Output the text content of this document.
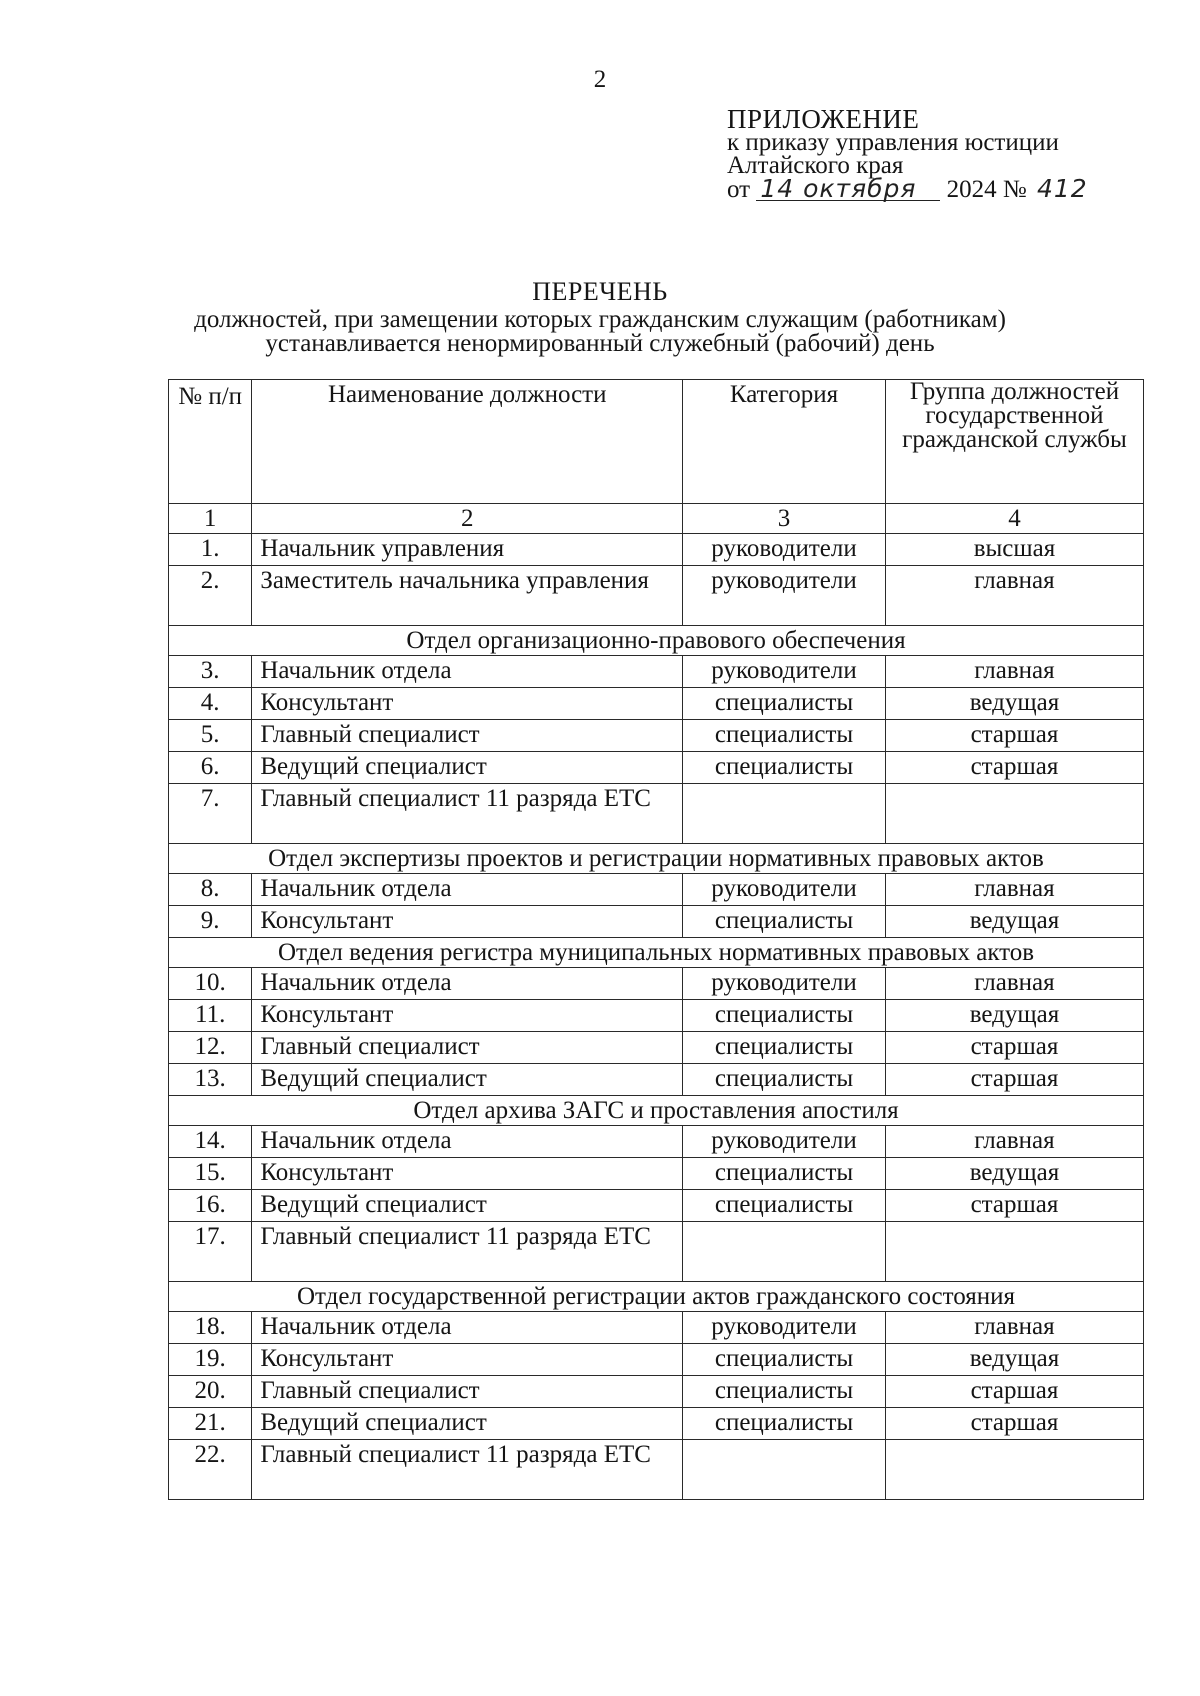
2
ПРИЛОЖЕНИЕ
к приказу управления юстиции
Алтайского края
от 14 октября 2024 № 412
ПЕРЕЧЕНЬ
должностей, при замещении которых гражданским служащим (работникам)
устанавливается ненормированный служебный (рабочий) день
№ п/п	Наименование должности	Категория	Группа должностей государственной гражданской службы
1	2	3	4
1.	Начальник управления	руководители	высшая
2.	Заместитель начальника управления	руководители	главная
Отдел организационно-правового обеспечения			
3.	Начальник отдела	руководители	главная
4.	Консультант	специалисты	ведущая
5.	Главный специалист	специалисты	старшая
6.	Ведущий специалист	специалисты	старшая
7.	Главный специалист 11 разряда ЕТС		
Отдел экспертизы проектов и регистрации нормативных правовых актов			
8.	Начальник отдела	руководители	главная
9.	Консультант	специалисты	ведущая
Отдел ведения регистра муниципальных нормативных правовых актов			
10.	Начальник отдела	руководители	главная
11.	Консультант	специалисты	ведущая
12.	Главный специалист	специалисты	старшая
13.	Ведущий специалист	специалисты	старшая
Отдел архива ЗАГС и проставления апостиля			
14.	Начальник отдела	руководители	главная
15.	Консультант	специалисты	ведущая
16.	Ведущий специалист	специалисты	старшая
17.	Главный специалист 11 разряда ЕТС		
Отдел государственной регистрации актов гражданского состояния			
18.	Начальник отдела	руководители	главная
19.	Консультант	специалисты	ведущая
20.	Главный специалист	специалисты	старшая
21.	Ведущий специалист	специалисты	старшая
22.	Главный специалист 11 разряда ЕТС		
